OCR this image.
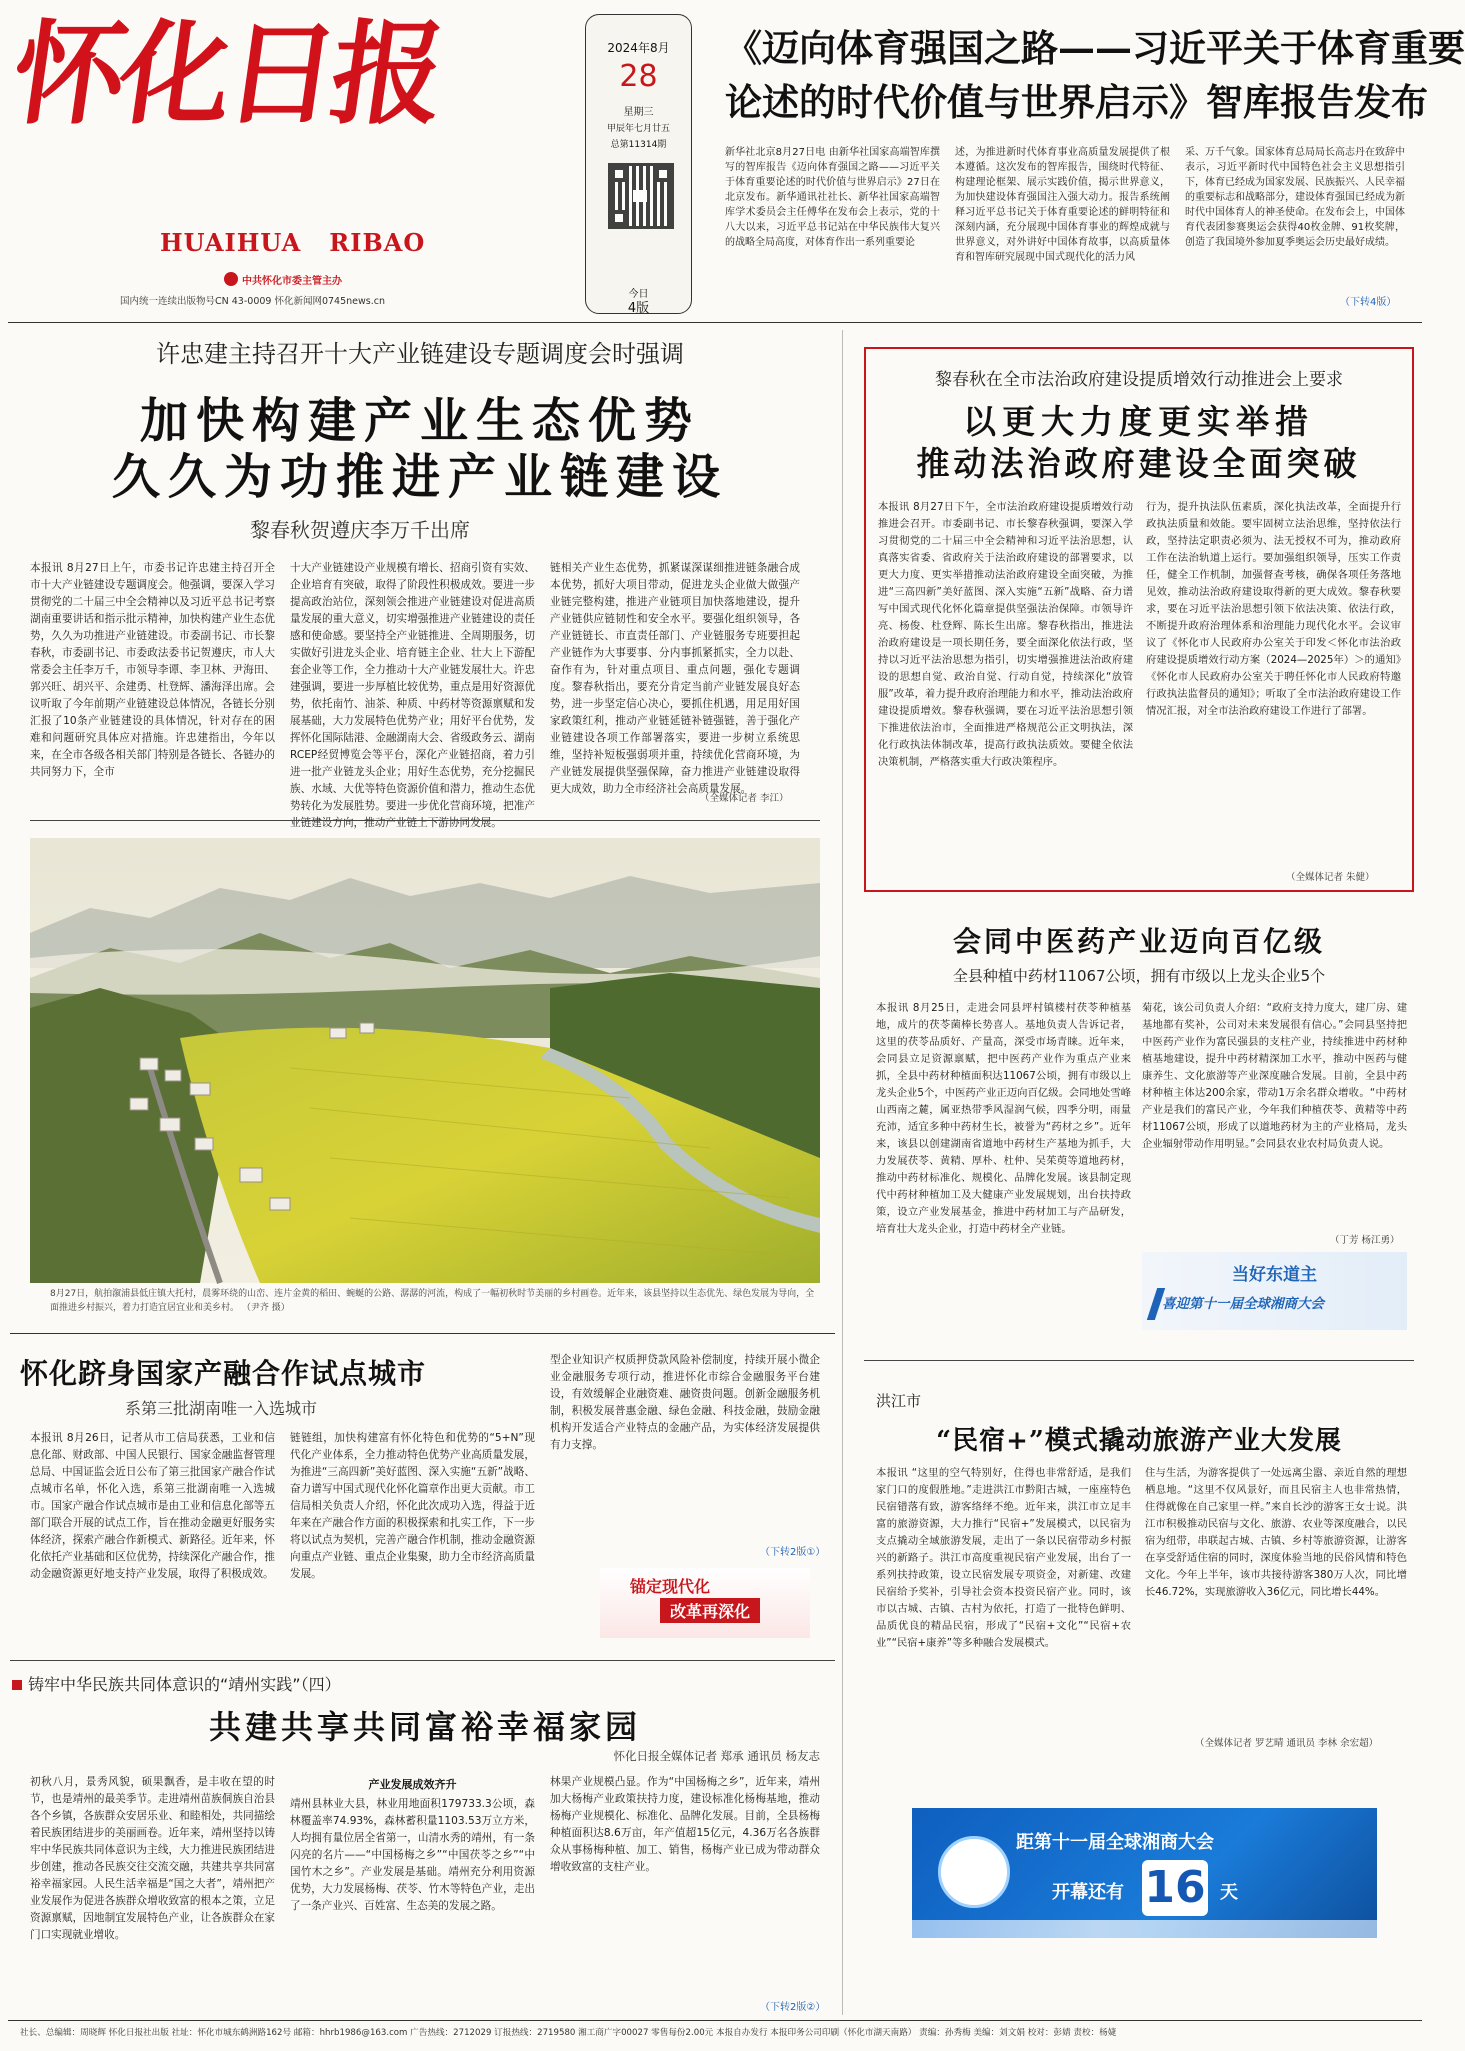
怀化日报
HUAIHUA   RIBAO
中共怀化市委主管主办
国内统一连续出版物号CN 43-0009 怀化新闻网0745news.cn
2024年8月
28
星期三
甲辰年七月廿五
总第11314期
今日
4版
《迈向体育强国之路——习近平关于体育重要
论述的时代价值与世界启示》智库报告发布
新华社北京8月27日电 由新华社国家高端智库撰写的智库报告《迈向体育强国之路——习近平关于体育重要论述的时代价值与世界启示》27日在北京发布。新华通讯社社长、新华社国家高端智库学术委员会主任傅华在发布会上表示，党的十八大以来，习近平总书记站在中华民族伟大复兴的战略全局高度，对体育作出一系列重要论
述，为推进新时代体育事业高质量发展提供了根本遵循。这次发布的智库报告，围绕时代特征、构建理论框架、展示实践价值，揭示世界意义，为加快建设体育强国注入强大动力。报告系统阐释习近平总书记关于体育重要论述的鲜明特征和深刻内涵，充分展现中国体育事业的辉煌成就与世界意义，对外讲好中国体育故事，以高质量体育和智库研究展现中国式现代化的活力风
采、万千气象。国家体育总局局长高志丹在致辞中表示，习近平新时代中国特色社会主义思想指引下，体育已经成为国家发展、民族振兴、人民幸福的重要标志和战略部分，建设体育强国已经成为新时代中国体育人的神圣使命。在发布会上，中国体育代表团参赛奥运会获得40枚金牌、91枚奖牌，创造了我国境外参加夏季奥运会历史最好成绩。
（下转4版）
许忠建主持召开十大产业链建设专题调度会时强调
加快构建产业生态优势
久久为功推进产业链建设
黎春秋贺遵庆李万千出席
本报讯 8月27日上午，市委书记许忠建主持召开全市十大产业链建设专题调度会。他强调，要深入学习贯彻党的二十届三中全会精神以及习近平总书记考察湖南重要讲话和指示批示精神，加快构建产业生态优势，久久为功推进产业链建设。市委副书记、市长黎春秋，市委副书记、市委政法委书记贺遵庆，市人大常委会主任李万千，市领导李谭、李卫林、尹海田、郭兴旺、胡兴平、余建勇、杜登辉、潘海泽出席。会议听取了今年前期产业链建设总体情况，各链长分别汇报了10条产业链建设的具体情况，针对存在的困难和问题研究具体应对措施。许忠建指出，今年以来，在全市各级各相关部门特别是各链长、各链办的共同努力下，全市
十大产业链建设产业规模有增长、招商引资有实效、企业培育有突破，取得了阶段性积极成效。要进一步提高政治站位，深刻领会推进产业链建设对促进高质量发展的重大意义，切实增强推进产业链建设的责任感和使命感。要坚持全产业链推进、全周期服务，切实做好引进龙头企业、培育链主企业、壮大上下游配套企业等工作，全力推动十大产业链发展壮大。许忠建强调，要进一步厚植比较优势，重点是用好资源优势，依托南竹、油茶、种质、中药材等资源禀赋和发展基础，大力发展特色优势产业；用好平台优势，发挥怀化国际陆港、金融湖南大会、省级政务云、湖南RCEP经贸博览会等平台，深化产业链招商，着力引进一批产业链龙头企业；用好生态优势，充分挖掘民族、水域、大优等特色资源价值和潜力，推动生态优势转化为发展胜势。要进一步优化营商环境，把准产业链建设方向，推动产业链上下游协同发展。
链相关产业生态优势，抓紧谋深谋细推进链条融合成本优势，抓好大项目带动，促进龙头企业做大做强产业链完整构建，推进产业链项目加快落地建设，提升产业链供应链韧性和安全水平。要强化组织领导，各产业链链长、市直责任部门、产业链服务专班要担起产业链作为大事要事、分内事抓紧抓实，全力以赴、奋作有为，针对重点项目、重点问题，强化专题调度。黎春秋指出，要充分肯定当前产业链发展良好态势，进一步坚定信心决心，要抓住机遇，用足用好国家政策红利，推动产业链延链补链强链，善于强化产业链建设各项工作部署落实，要进一步树立系统思维，坚持补短板强弱项并重，持续优化营商环境，为产业链发展提供坚强保障，奋力推进产业链建设取得更大成效，助力全市经济社会高质量发展。
（全媒体记者 李江）
8月27日，航拍溆浦县低庄镇大托村，晨雾环绕的山峦、连片金黄的稻田、蜿蜒的公路、潺潺的河流，构成了一幅初秋时节美丽的乡村画卷。近年来，该县坚持以生态优先、绿色发展为导向，全面推进乡村振兴，着力打造宜居宜业和美乡村。 （尹齐 摄）
黎春秋在全市法治政府建设提质增效行动推进会上要求
以更大力度更实举措
推动法治政府建设全面突破
本报讯 8月27日下午，全市法治政府建设提质增效行动推进会召开。市委副书记、市长黎春秋强调，要深入学习贯彻党的二十届三中全会精神和习近平法治思想，认真落实省委、省政府关于法治政府建设的部署要求，以更大力度、更实举措推动法治政府建设全面突破，为推进“三高四新”美好蓝图、深入实施“五新”战略、奋力谱写中国式现代化怀化篇章提供坚强法治保障。市领导许亮、杨俊、杜登辉、陈长生出席。黎春秋指出，推进法治政府建设是一项长期任务，要全面深化依法行政，坚持以习近平法治思想为指引，切实增强推进法治政府建设的思想自觉、政治自觉、行动自觉，持续深化“放管服”改革，着力提升政府治理能力和水平，推动法治政府建设提质增效。黎春秋强调，要在习近平法治思想引领下推进依法治市，全面推进严格规范公正文明执法，深化行政执法体制改革，提高行政执法质效。要健全依法决策机制，严格落实重大行政决策程序。
行为，提升执法队伍素质，深化执法改革，全面提升行政执法质量和效能。要牢固树立法治思维，坚持依法行政，坚持法定职责必须为、法无授权不可为，推动政府工作在法治轨道上运行。要加强组织领导，压实工作责任，健全工作机制，加强督查考核，确保各项任务落地见效，推动法治政府建设取得新的更大成效。黎春秋要求，要在习近平法治思想引领下依法决策、依法行政，不断提升政府治理体系和治理能力现代化水平。会议审议了《怀化市人民政府办公室关于印发＜怀化市法治政府建设提质增效行动方案（2024—2025年）＞的通知》《怀化市人民政府办公室关于聘任怀化市人民政府特邀行政执法监督员的通知》；听取了全市法治政府建设工作情况汇报，对全市法治政府建设工作进行了部署。
（全媒体记者 朱健）
会同中医药产业迈向百亿级
全县种植中药材11067公顷，拥有市级以上龙头企业5个
本报讯 8月25日，走进会同县坪村镇楼村茯苓种植基地，成片的茯苓菌棒长势喜人。基地负责人告诉记者，这里的茯苓品质好、产量高，深受市场青睐。近年来，会同县立足资源禀赋，把中医药产业作为重点产业来抓，全县中药材种植面积达11067公顷，拥有市级以上龙头企业5个，中医药产业正迈向百亿级。会同地处雪峰山西南之麓，属亚热带季风湿润气候，四季分明，雨量充沛，适宜多种中药材生长，被誉为“药材之乡”。近年来，该县以创建湖南省道地中药材生产基地为抓手，大力发展茯苓、黄精、厚朴、杜仲、吴茱萸等道地药材，推动中药材标准化、规模化、品牌化发展。该县制定现代中药材种植加工及大健康产业发展规划，出台扶持政策，设立产业发展基金，推进中药材加工与产品研发，培育壮大龙头企业，打造中药材全产业链。
菊花，该公司负责人介绍：“政府支持力度大，建厂房、建基地都有奖补，公司对未来发展很有信心。”会同县坚持把中医药产业作为富民强县的支柱产业，持续推进中药材种植基地建设，提升中药材精深加工水平，推动中医药与健康养生、文化旅游等产业深度融合发展。目前，全县中药材种植主体达200余家，带动1万余名群众增收。“中药材产业是我们的富民产业，今年我们种植茯苓、黄精等中药材11067公顷，形成了以道地药材为主的产业格局，龙头企业辐射带动作用明显。”会同县农业农村局负责人说。
（丁芳 杨江勇）
当好东道主
喜迎第十一届全球湘商大会
怀化跻身国家产融合作试点城市
系第三批湖南唯一入选城市
本报讯 8月26日，记者从市工信局获悉，工业和信息化部、财政部、中国人民银行、国家金融监督管理总局、中国证监会近日公布了第三批国家产融合作试点城市名单，怀化入选，系第三批湖南唯一入选城市。国家产融合作试点城市是由工业和信息化部等五部门联合开展的试点工作，旨在推动金融更好服务实体经济，探索产融合作新模式、新路径。近年来，怀化依托产业基础和区位优势，持续深化产融合作，推动金融资源更好地支持产业发展，取得了积极成效。
链链组，加快构建富有怀化特色和优势的“5+N”现代化产业体系，全力推动特色优势产业高质量发展，为推进“三高四新”美好蓝图、深入实施“五新”战略、奋力谱写中国式现代化怀化篇章作出更大贡献。市工信局相关负责人介绍，怀化此次成功入选，得益于近年来在产融合作方面的积极探索和扎实工作，下一步将以试点为契机，完善产融合作机制，推动金融资源向重点产业链、重点企业集聚，助力全市经济高质量发展。
型企业知识产权质押贷款风险补偿制度，持续开展小微企业金融服务专项行动，推进怀化市综合金融服务平台建设，有效缓解企业融资难、融资贵问题。创新金融服务机制，积极发展普惠金融、绿色金融、科技金融，鼓励金融机构开发适合产业特点的金融产品，为实体经济发展提供有力支撑。
（下转2版①）
锚定现代化
改革再深化
洪江市
“民宿+”模式撬动旅游产业大发展
本报讯 “这里的空气特别好，住得也非常舒适，是我们家门口的度假胜地。”走进洪江市黔阳古城，一座座特色民宿错落有致，游客络绎不绝。近年来，洪江市立足丰富的旅游资源，大力推行“民宿+”发展模式，以民宿为支点撬动全域旅游发展，走出了一条以民宿带动乡村振兴的新路子。洪江市高度重视民宿产业发展，出台了一系列扶持政策，设立民宿发展专项资金，对新建、改建民宿给予奖补，引导社会资本投资民宿产业。同时，该市以古城、古镇、古村为依托，打造了一批特色鲜明、品质优良的精品民宿，形成了“民宿+文化”“民宿+农业”“民宿+康养”等多种融合发展模式。
住与生活，为游客提供了一处远离尘嚣、亲近自然的理想栖息地。“这里不仅风景好，而且民宿主人也非常热情，住得就像在自己家里一样。”来自长沙的游客王女士说。洪江市积极推动民宿与文化、旅游、农业等深度融合，以民宿为纽带，串联起古城、古镇、乡村等旅游资源，让游客在享受舒适住宿的同时，深度体验当地的民俗风情和特色文化。今年上半年，该市共接待游客380万人次，同比增长46.72%，实现旅游收入36亿元，同比增长44%。
（全媒体记者 罗艺晴 通讯员 李林 余宏超）
距第十一届全球湘商大会
开幕还有 16 天
铸牢中华民族共同体意识的“靖州实践”（四）
共建共享共同富裕幸福家园
怀化日报全媒体记者 郑承 通讯员 杨友志
初秋八月，景秀风貌，硕果飘香，是丰收在望的时节，也是靖州的最美季节。走进靖州苗族侗族自治县各个乡镇，各族群众安居乐业、和睦相处，共同描绘着民族团结进步的美丽画卷。近年来，靖州坚持以铸牢中华民族共同体意识为主线，大力推进民族团结进步创建，推动各民族交往交流交融，共建共享共同富裕幸福家园。人民生活幸福是“国之大者”，靖州把产业发展作为促进各族群众增收致富的根本之策，立足资源禀赋，因地制宜发展特色产业，让各族群众在家门口实现就业增收。
产业发展成效齐升
靖州县林业大县，林业用地面积179733.3公顷，森林覆盖率74.93%，森林蓄积量1103.53万立方米，人均拥有量位居全省第一，山清水秀的靖州，有一条闪亮的名片——“中国杨梅之乡”“中国茯苓之乡”“中国竹木之乡”。产业发展是基础。靖州充分利用资源优势，大力发展杨梅、茯苓、竹木等特色产业，走出了一条产业兴、百姓富、生态美的发展之路。
林果产业规模凸显。作为“中国杨梅之乡”，近年来，靖州加大杨梅产业政策扶持力度，建设标准化杨梅基地，推动杨梅产业规模化、标准化、品牌化发展。目前，全县杨梅种植面积达8.6万亩，年产值超15亿元，4.36万名各族群众从事杨梅种植、加工、销售，杨梅产业已成为带动群众增收致富的支柱产业。
（下转2版②）
社长、总编辑：周晓辉 怀化日报社出版 社址：怀化市城东鹤洲路162号 邮箱：hhrb1986@163.com 广告热线：2712029 订报热线：2719580 湘工商广字00027 零售每份2.00元 本报自办发行 本报印务公司印刷（怀化市湖天南路） 责编：孙秀梅 美编：刘文娟 校对：彭婧 责校：杨婕
